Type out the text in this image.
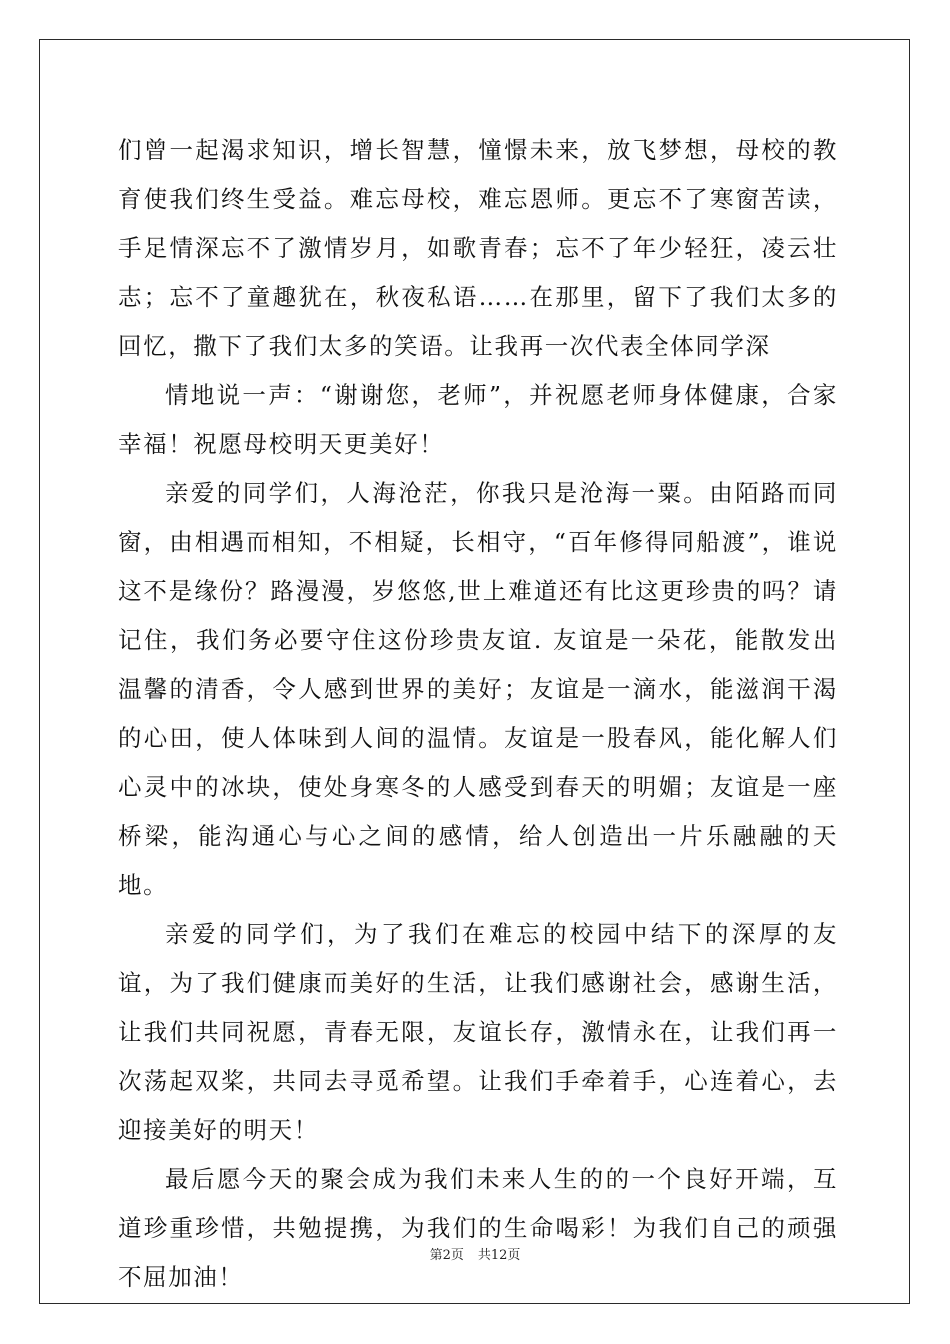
们曾一起渴求知识，增长智慧，憧憬未来，放飞梦想，母校的教育使我们终生受益。难忘母校，难忘恩师。更忘不了寒窗苦读，手足情深忘不了激情岁月，如歌青春；忘不了年少轻狂，凌云壮志；忘不了童趣犹在，秋夜私语……在那里，留下了我们太多的回忆，撒下了我们太多的笑语。让我再一次代表全体同学深

情地说一声：“谢谢您，老师”，并祝愿老师身体健康，合家幸福！祝愿母校明天更美好！

亲爱的同学们，人海沧茫，你我只是沧海一粟。由陌路而同窗，由相遇而相知，不相疑，长相守，“百年修得同船渡”，谁说这不是缘份？路漫漫，岁悠悠,世上难道还有比这更珍贵的吗？请记住，我们务必要守住这份珍贵友谊. 友谊是一朵花，能散发出温馨的清香，令人感到世界的美好；友谊是一滴水，能滋润干渴的心田，使人体味到人间的温情。友谊是一股春风，能化解人们心灵中的冰块，使处身寒冬的人感受到春天的明媚；友谊是一座桥梁，能沟通心与心之间的感情，给人创造出一片乐融融的天地。

亲爱的同学们，为了我们在难忘的校园中结下的深厚的友谊，为了我们健康而美好的生活，让我们感谢社会，感谢生活，让我们共同祝愿，青春无限，友谊长存，激情永在，让我们再一次荡起双桨，共同去寻觅希望。让我们手牵着手，心连着心，去迎接美好的明天！

最后愿今天的聚会成为我们未来人生的的一个良好开端，互道珍重珍惜，共勉提携，为我们的生命喝彩！为我们自己的顽强不屈加油！

第2页 共12页
